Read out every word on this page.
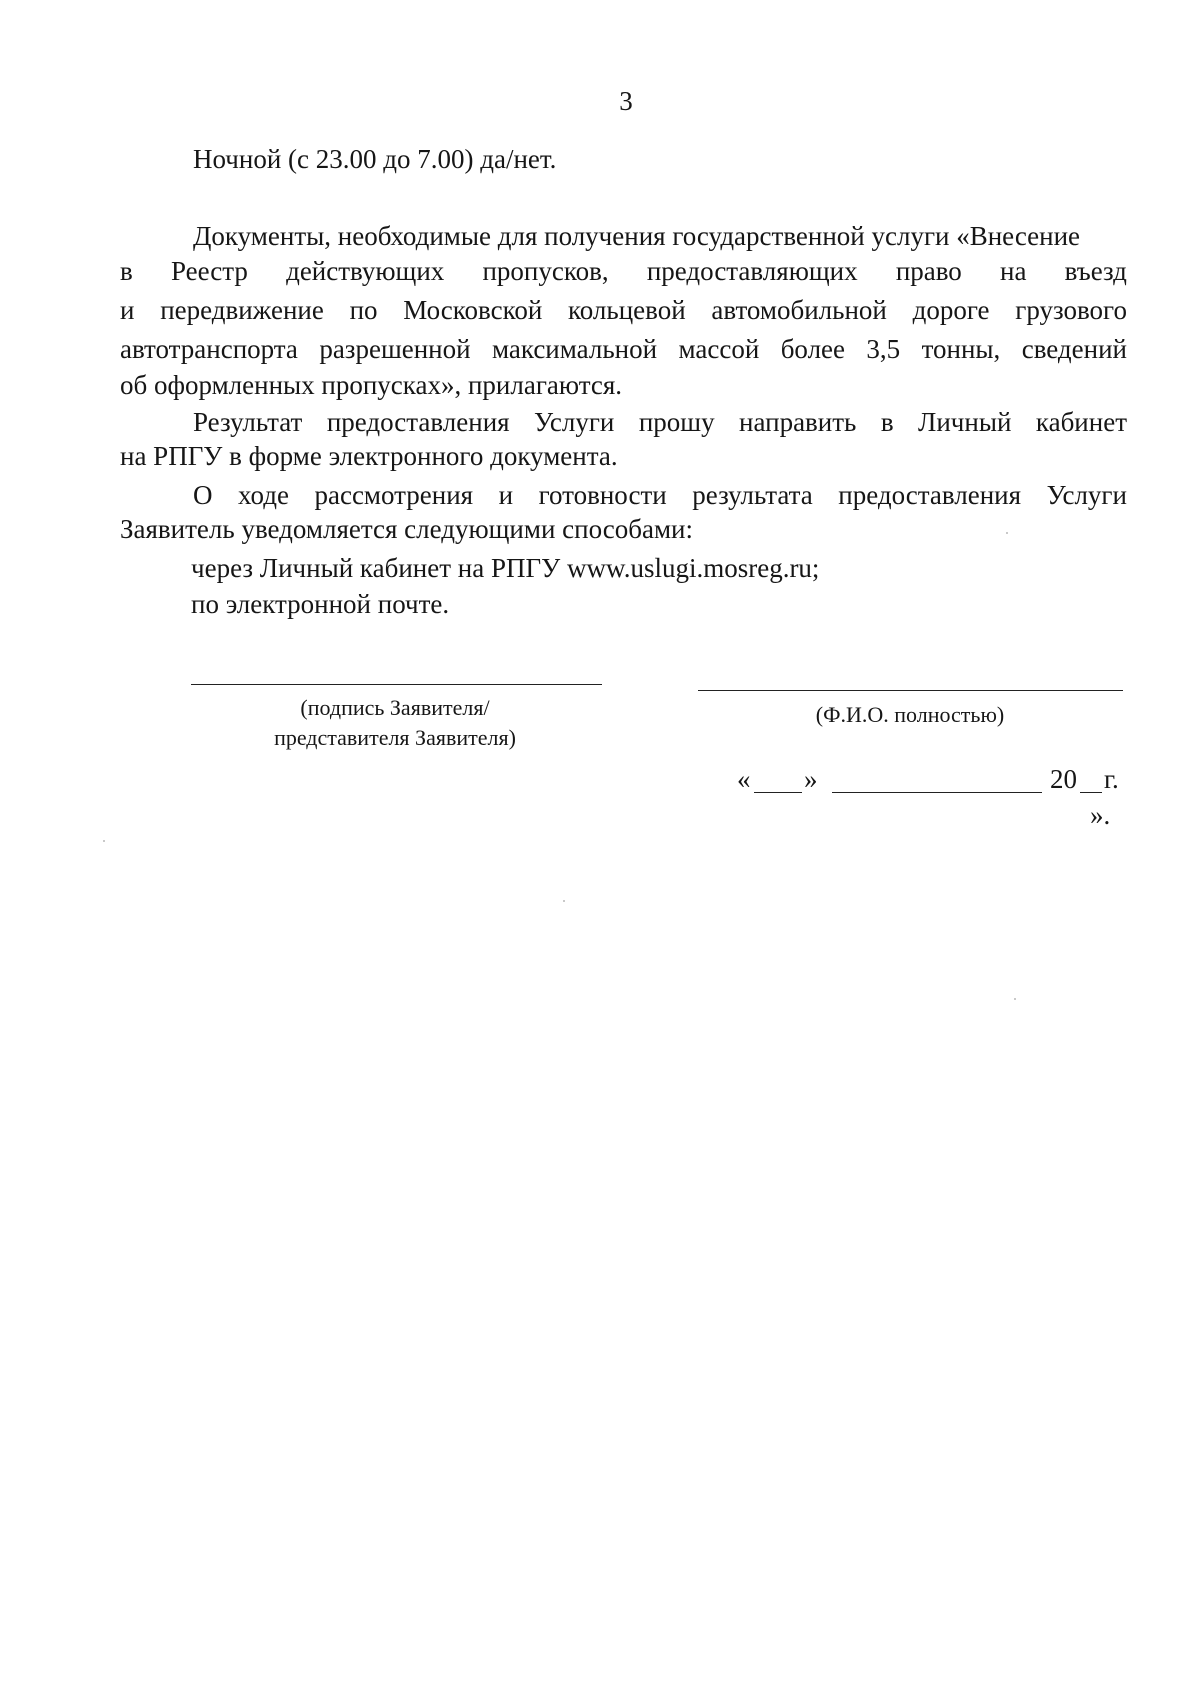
3
Ночной (с 23.00 до 7.00) да/нет.
Документы, необходимые для получения государственной услуги «Внесение
в Реестр действующих пропусков, предоставляющих право на въезд
и передвижение по Московской кольцевой автомобильной дороге грузового
автотранспорта разрешенной максимальной массой более 3,5 тонны, сведений
об оформленных пропусках», прилагаются.
Результат предоставления Услуги прошу направить в Личный кабинет
на РПГУ в форме электронного документа.
О ходе рассмотрения и готовности результата предоставления Услуги
Заявитель уведомляется следующими способами:
через Личный кабинет на РПГУ www.uslugi.mosreg.ru;
по электронной почте.
(подпись Заявителя/
представителя Заявителя)
(Ф.И.О. полностью)
« »	20 г.
».
